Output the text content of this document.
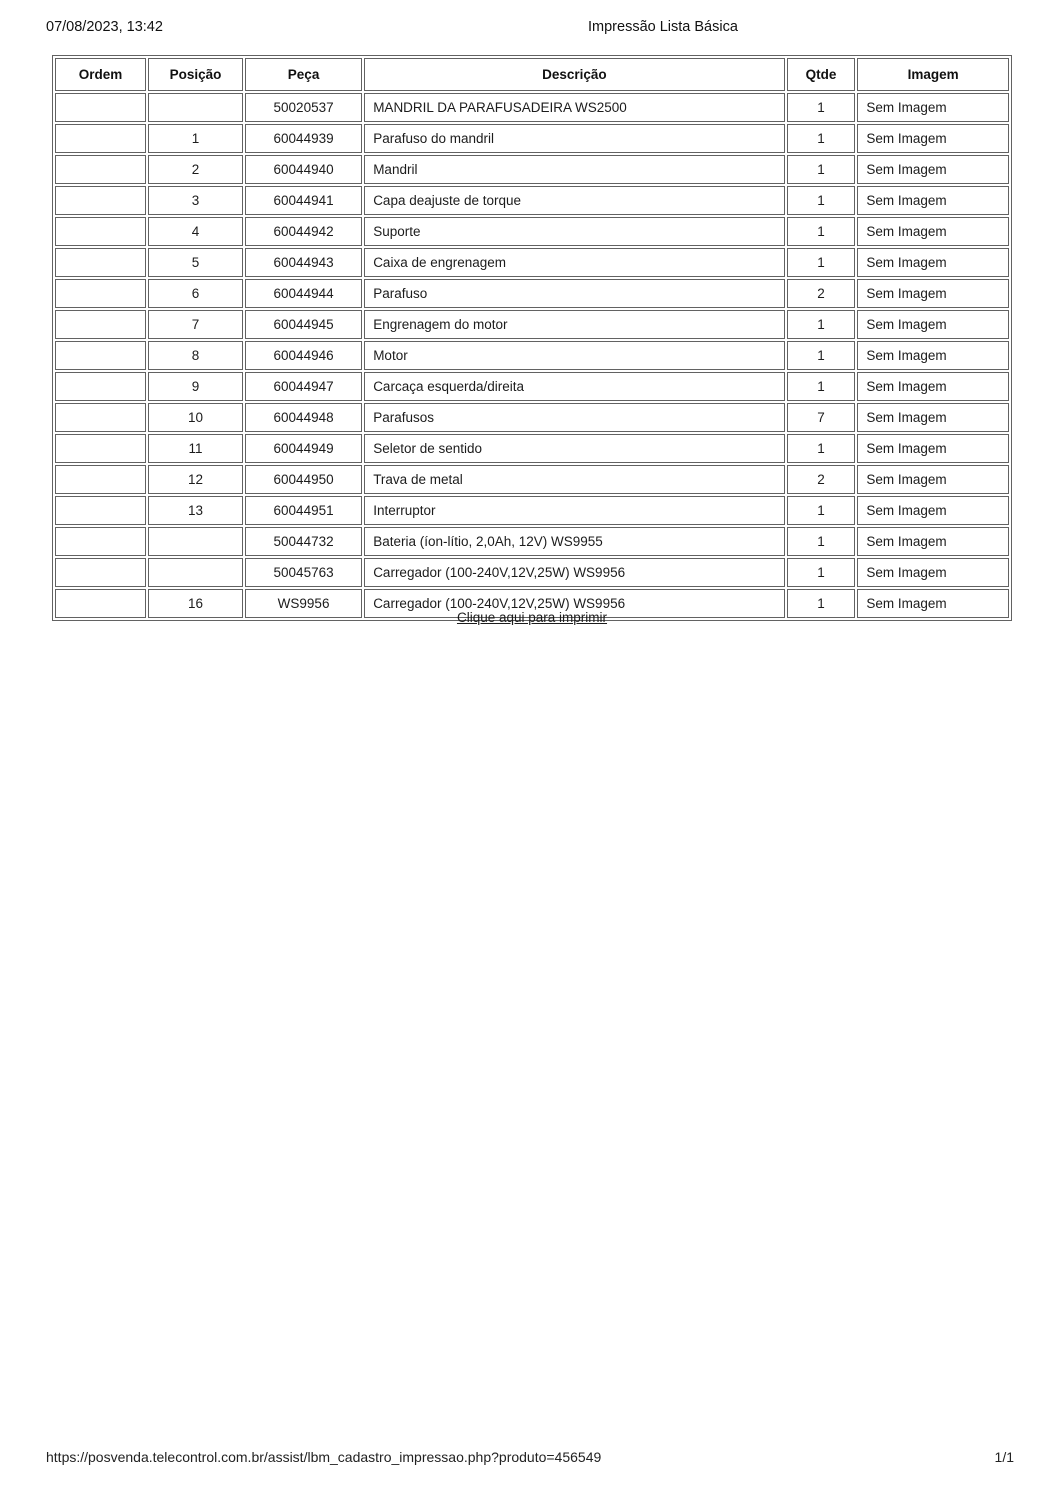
07/08/2023, 13:42	Impressão Lista Básica
Ordem	Posição	Peça	Descrição	Qtde	Imagem
		50020537	MANDRIL DA PARAFUSADEIRA WS2500	1	Sem Imagem
	1	60044939	Parafuso do mandril	1	Sem Imagem
	2	60044940	Mandril	1	Sem Imagem
	3	60044941	Capa deajuste de torque	1	Sem Imagem
	4	60044942	Suporte	1	Sem Imagem
	5	60044943	Caixa de engrenagem	1	Sem Imagem
	6	60044944	Parafuso	2	Sem Imagem
	7	60044945	Engrenagem do motor	1	Sem Imagem
	8	60044946	Motor	1	Sem Imagem
	9	60044947	Carcaça esquerda/direita	1	Sem Imagem
	10	60044948	Parafusos	7	Sem Imagem
	11	60044949	Seletor de sentido	1	Sem Imagem
	12	60044950	Trava de metal	2	Sem Imagem
	13	60044951	Interruptor	1	Sem Imagem
		50044732	Bateria (íon-lítio, 2,0Ah, 12V) WS9955	1	Sem Imagem
		50045763	Carregador (100-240V,12V,25W) WS9956	1	Sem Imagem
	16	WS9956	Carregador (100-240V,12V,25W) WS9956	1	Sem Imagem
Clique aqui para imprimir
https://posvenda.telecontrol.com.br/assist/lbm_cadastro_impressao.php?produto=456549	1/1
